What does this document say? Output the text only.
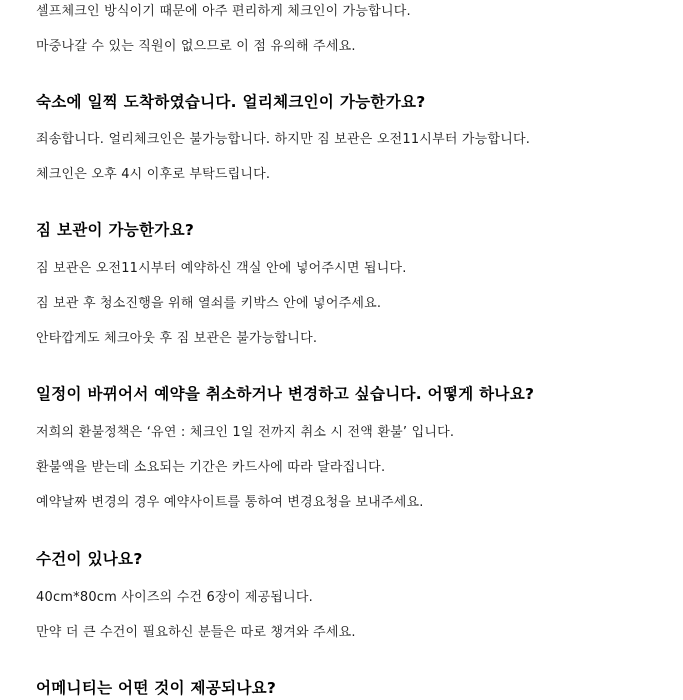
셀프체크인 방식이기 때문에 아주 편리하게 체크인이 가능합니다.
마중나갈 수 있는 직원이 없으므로 이 점 유의해 주세요.
숙소에 일찍 도착하였습니다. 얼리체크인이 가능한가요?
죄송합니다. 얼리체크인은 불가능합니다. 하지만 짐 보관은 오전11시부터 가능합니다.
체크인은 오후 4시 이후로 부탁드립니다.
짐 보관이 가능한가요?
짐 보관은 오전11시부터 예약하신 객실 안에 넣어주시면 됩니다.
짐 보관 후 청소진행을 위해 열쇠를 키박스 안에 넣어주세요.
안타깝게도 체크아웃 후 짐 보관은 불가능합니다.
일정이 바뀌어서 예약을 취소하거나 변경하고 싶습니다. 어떻게 하나요?
저희의 환불정책은 ‘유연 : 체크인 1일 전까지 취소 시 전액 환불’ 입니다.
환불액을 받는데 소요되는 기간은 카드사에 따라 달라집니다.
예약날짜 변경의 경우 예약사이트를 통하여 변경요청을 보내주세요.
수건이 있나요?
40cm*80cm 사이즈의 수건 6장이 제공됩니다.
만약 더 큰 수건이 필요하신 분들은 따로 챙겨와 주세요.
어메니티는 어떤 것이 제공되나요?
